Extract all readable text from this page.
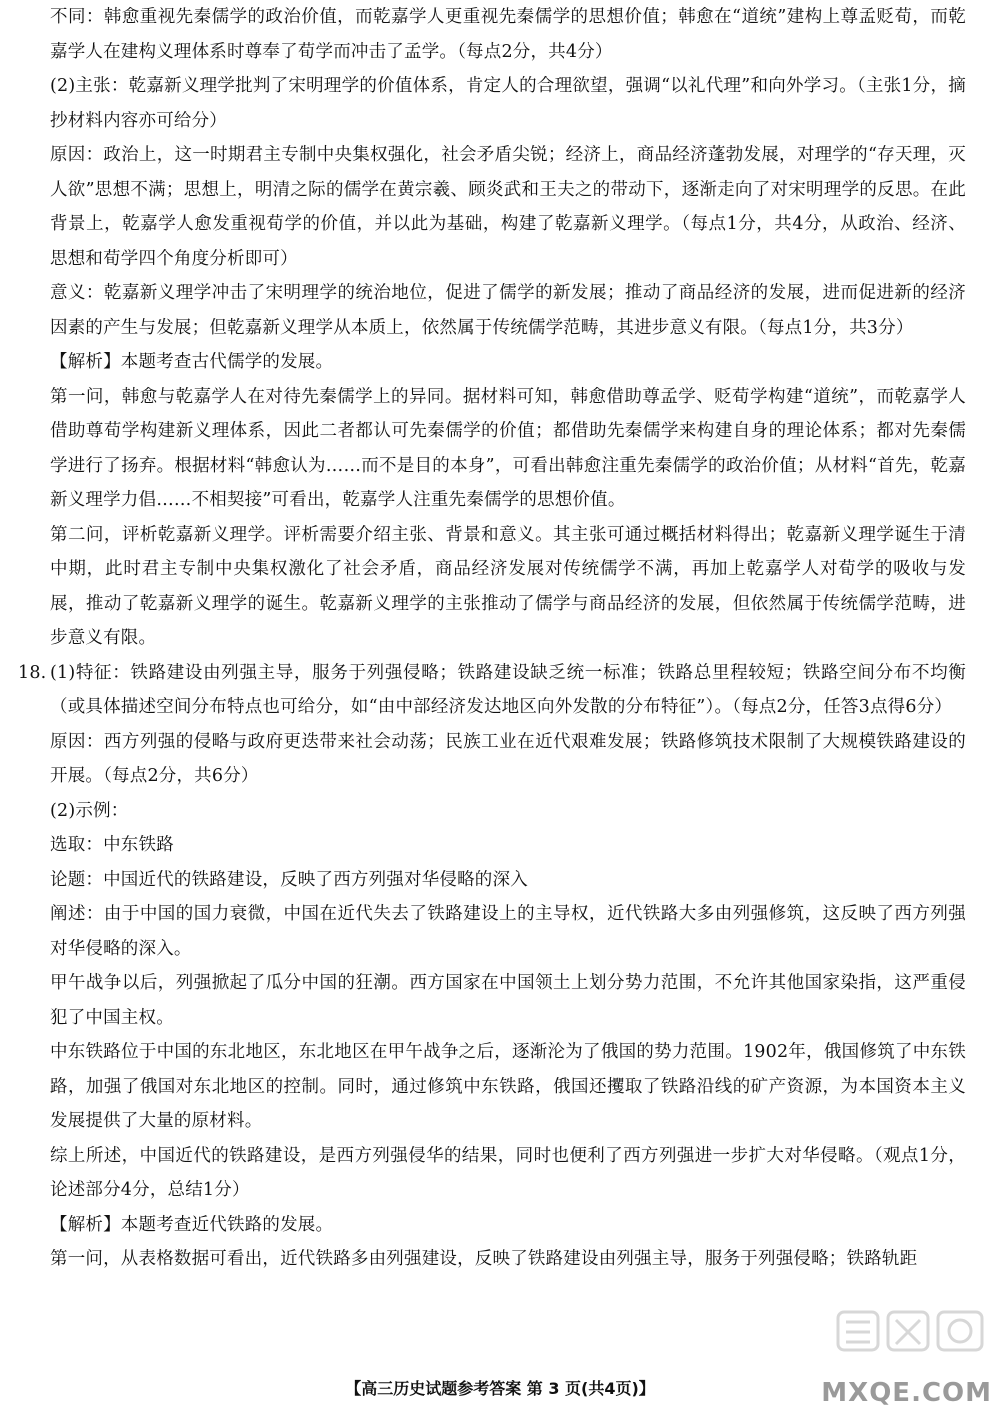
不同：韩愈重视先秦儒学的政治价值，而乾嘉学人更重视先秦儒学的思想价值；韩愈在“道统”建构上尊孟贬荀，而乾嘉学人在建构义理体系时尊奉了荀学而冲击了孟学。（每点2分，共4分）

(2)主张：乾嘉新义理学批判了宋明理学的价值体系，肯定人的合理欲望，强调“以礼代理”和向外学习。（主张1分，摘抄材料内容亦可给分）

原因：政治上，这一时期君主专制中央集权强化，社会矛盾尖锐；经济上，商品经济蓬勃发展，对理学的“存天理，灭人欲”思想不满；思想上，明清之际的儒学在黄宗羲、顾炎武和王夫之的带动下，逐渐走向了对宋明理学的反思。在此背景上，乾嘉学人愈发重视荀学的价值，并以此为基础，构建了乾嘉新义理学。（每点1分，共4分，从政治、经济、思想和荀学四个角度分析即可）

意义：乾嘉新义理学冲击了宋明理学的统治地位，促进了儒学的新发展；推动了商品经济的发展，进而促进新的经济因素的产生与发展；但乾嘉新义理学从本质上，依然属于传统儒学范畴，其进步意义有限。（每点1分，共3分）

【解析】本题考查古代儒学的发展。

第一问，韩愈与乾嘉学人在对待先秦儒学上的异同。据材料可知，韩愈借助尊孟学、贬荀学构建“道统”，而乾嘉学人借助尊荀学构建新义理体系，因此二者都认可先秦儒学的价值；都借助先秦儒学来构建自身的理论体系；都对先秦儒学进行了扬弃。根据材料“韩愈认为……而不是目的本身”，可看出韩愈注重先秦儒学的政治价值；从材料“首先，乾嘉新义理学力倡……不相契接”可看出，乾嘉学人注重先秦儒学的思想价值。

第二问，评析乾嘉新义理学。评析需要介绍主张、背景和意义。其主张可通过概括材料得出；乾嘉新义理学诞生于清中期，此时君主专制中央集权激化了社会矛盾，商品经济发展对传统儒学不满，再加上乾嘉学人对荀学的吸收与发展，推动了乾嘉新义理学的诞生。乾嘉新义理学的主张推动了儒学与商品经济的发展，但依然属于传统儒学范畴，进步意义有限。

18. (1)特征：铁路建设由列强主导，服务于列强侵略；铁路建设缺乏统一标准；铁路总里程较短；铁路空间分布不均衡（或具体描述空间分布特点也可给分，如“由中部经济发达地区向外发散的分布特征”）。（每点2分，任答3点得6分）

原因：西方列强的侵略与政府更迭带来社会动荡；民族工业在近代艰难发展；铁路修筑技术限制了大规模铁路建设的开展。（每点2分，共6分）

(2)示例：

选取：中东铁路

论题：中国近代的铁路建设，反映了西方列强对华侵略的深入

阐述：由于中国的国力衰微，中国在近代失去了铁路建设上的主导权，近代铁路大多由列强修筑，这反映了西方列强对华侵略的深入。

甲午战争以后，列强掀起了瓜分中国的狂潮。西方国家在中国领土上划分势力范围，不允许其他国家染指，这严重侵犯了中国主权。

中东铁路位于中国的东北地区，东北地区在甲午战争之后，逐渐沦为了俄国的势力范围。1902年，俄国修筑了中东铁路，加强了俄国对东北地区的控制。同时，通过修筑中东铁路，俄国还攫取了铁路沿线的矿产资源，为本国资本主义发展提供了大量的原材料。

综上所述，中国近代的铁路建设，是西方列强侵华的结果，同时也便利了西方列强进一步扩大对华侵略。（观点1分，论述部分4分，总结1分）

【解析】本题考查近代铁路的发展。

第一问，从表格数据可看出，近代铁路多由列强建设，反映了铁路建设由列强主导，服务于列强侵略；铁路轨距

MXQE.COM
【高三历史试题参考答案 第 3 页(共4页)】
